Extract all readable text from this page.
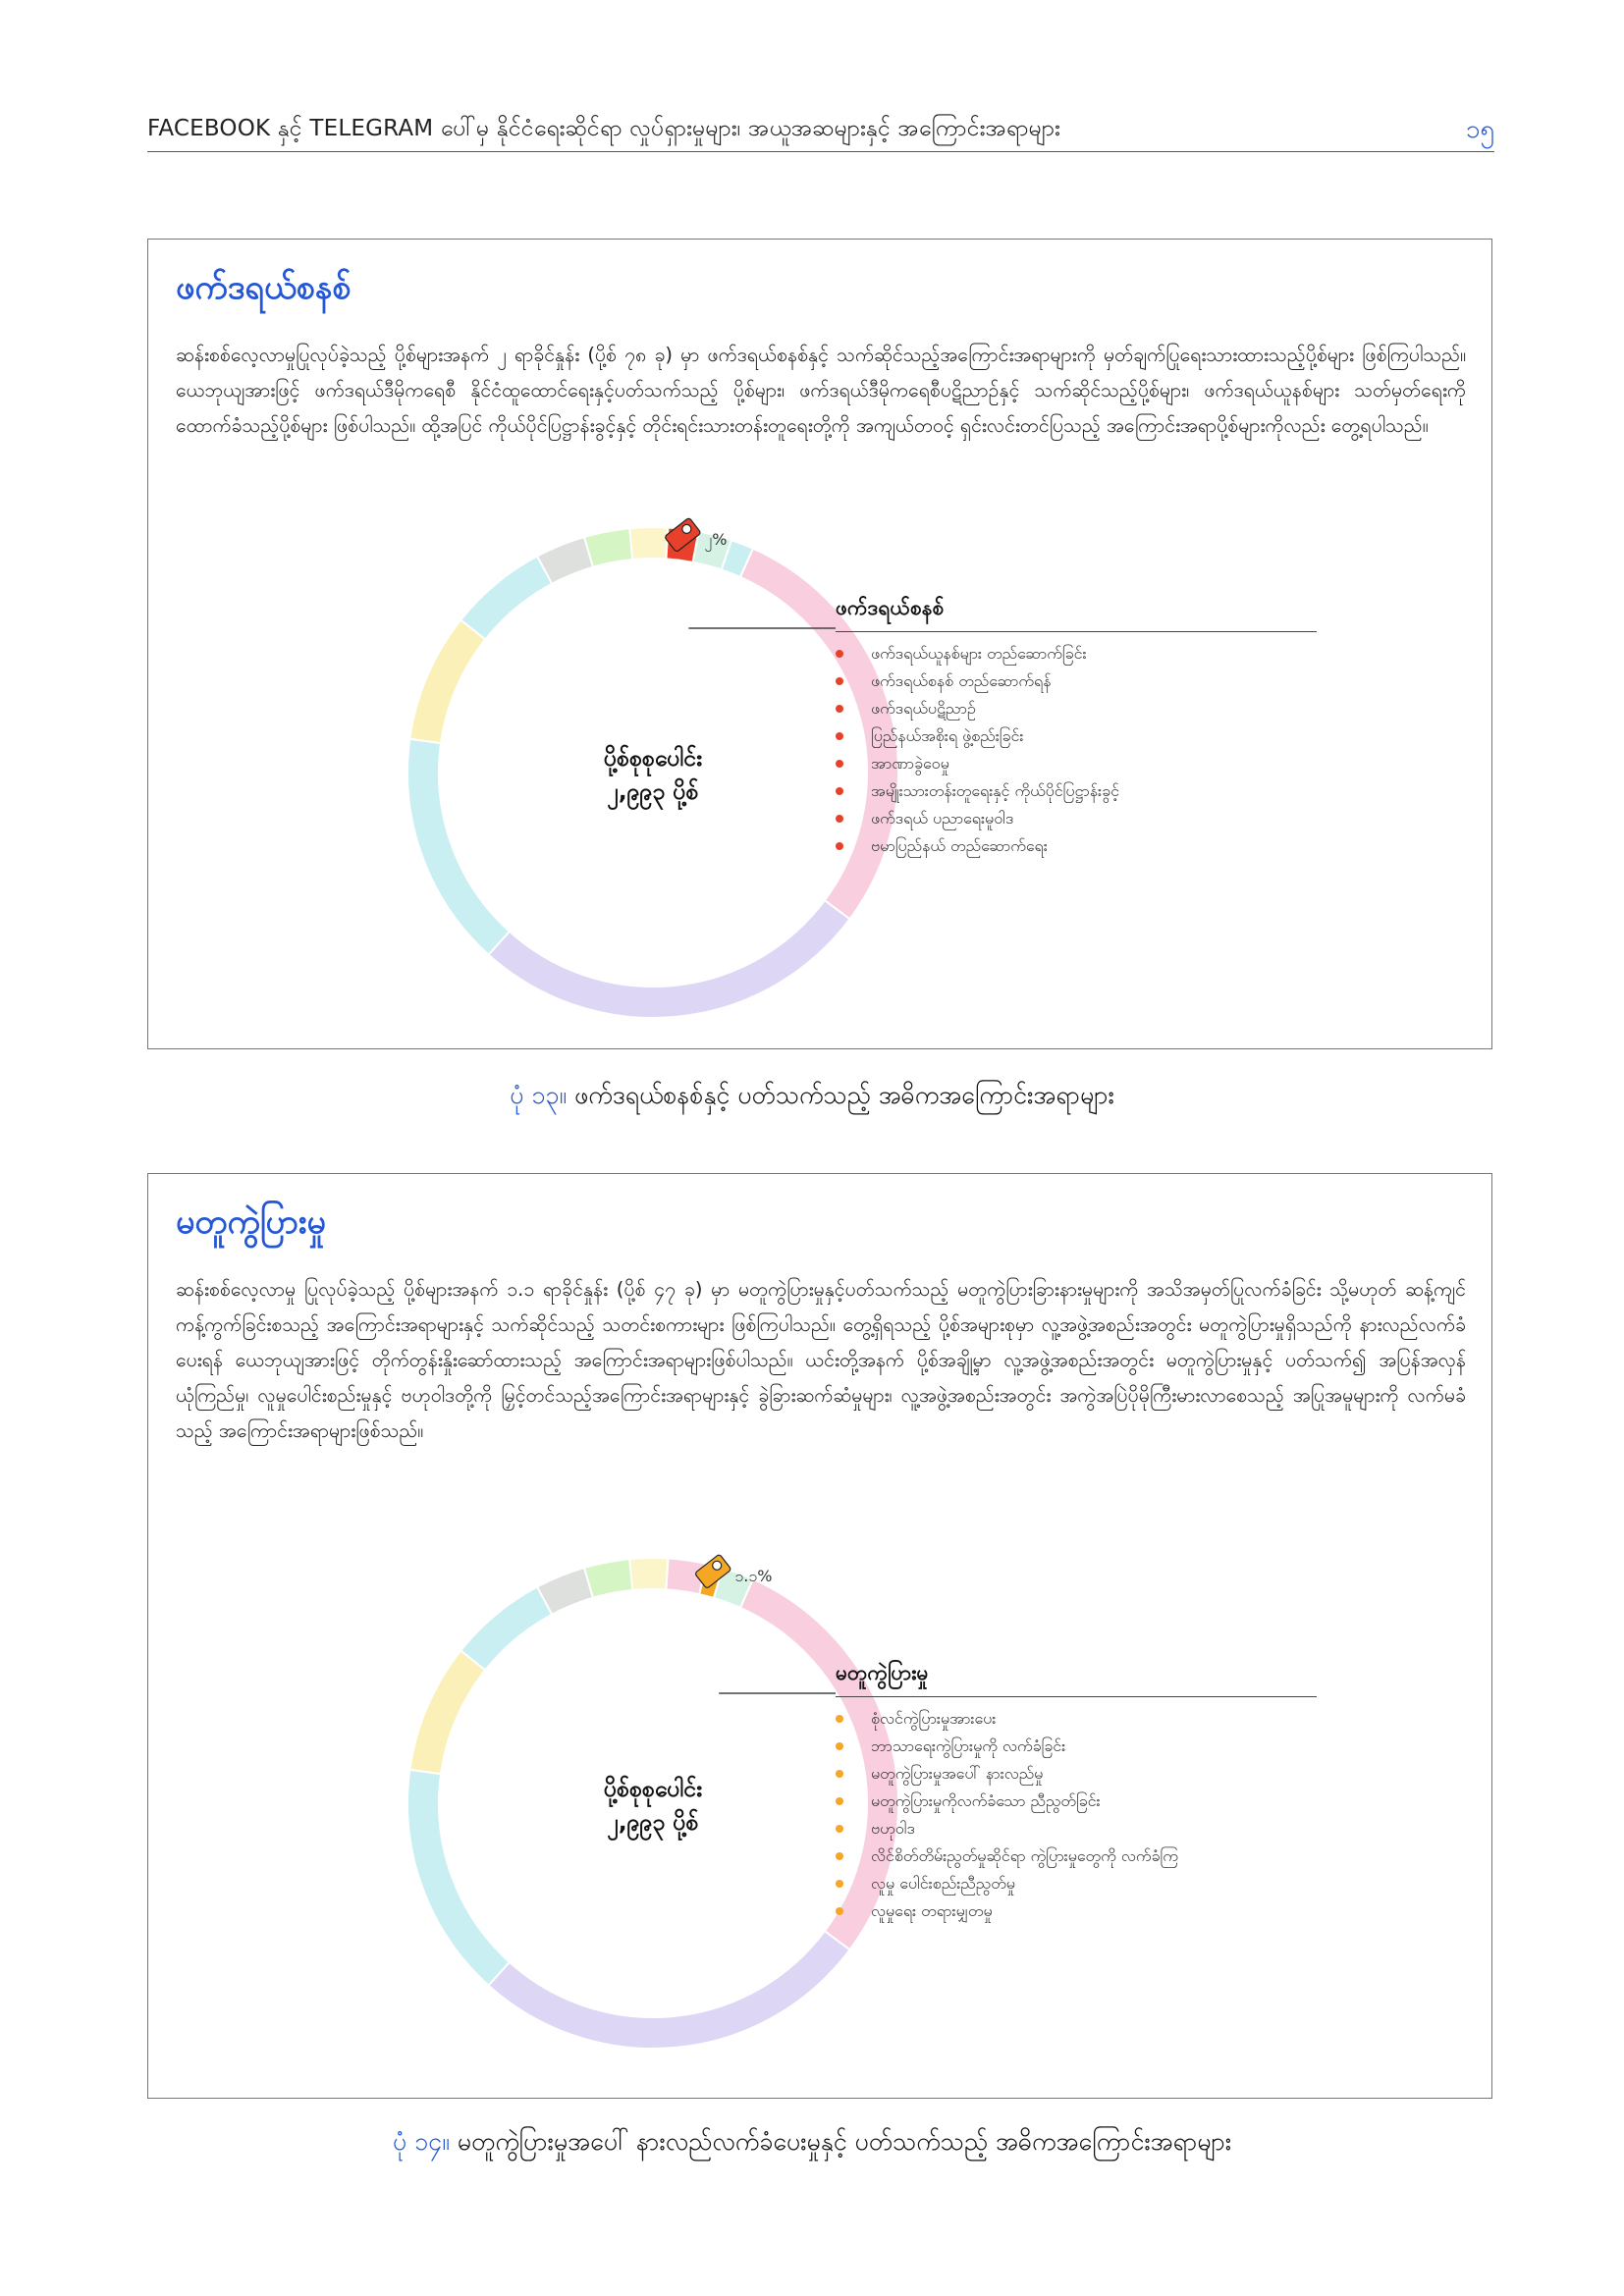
FACEBOOK နှင့် TELEGRAM ပေါ်မှ နိုင်ငံရေးဆိုင်ရာ လှုပ်ရှားမှုများ၊ အယူအဆများနှင့် အကြောင်းအရာများ	၁၅
ဖက်ဒရယ်စနစ်
ဆန်းစစ်လေ့လာမှုပြုလုပ်ခဲ့သည့် ပို့စ်များအနက် ၂ ရာခိုင်နှုန်း (ပို့စ် ၇၈ ခု) မှာ ဖက်ဒရယ်စနစ်နှင့် သက်ဆိုင်သည့်အကြောင်းအရာများကို မှတ်ချက်ပြုရေးသားထားသည့်ပို့စ်များ ဖြစ်ကြပါသည်။ ယေဘုယျအားဖြင့် ဖက်ဒရယ်ဒီမိုကရေစီ နိုင်ငံထူထောင်ရေးနှင့်ပတ်သက်သည့် ပို့စ်များ၊ ဖက်ဒရယ်ဒီမိုကရေစီပဋိညာဉ်နှင့် သက်ဆိုင်သည့်ပို့စ်များ၊ ဖက်ဒရယ်ယူနစ်များ သတ်မှတ်ရေးကို ထောက်ခံသည့်ပို့စ်များ ဖြစ်ပါသည်။ ထို့အပြင် ကိုယ်ပိုင်ပြဋ္ဌာန်းခွင့်နှင့် တိုင်းရင်းသားတန်းတူရေးတို့ကို အကျယ်တဝင့် ရှင်းလင်းတင်ပြသည့် အကြောင်းအရာပို့စ်များကိုလည်း တွေ့ရပါသည်။
၂%
ပို့စ်စုစုပေါင်း
၂,၉၉၃ ပို့စ်
ဖက်ဒရယ်စနစ်
ဖက်ဒရယ်ယူနစ်များ တည်ဆောက်ခြင်း
ဖက်ဒရယ်စနစ် တည်ဆောက်ရန်
ဖက်ဒရယ်ပဋိညာဉ်
ပြည်နယ်အစိုးရ ဖွဲ့စည်းခြင်း
အာဏာခွဲဝေမှု
အမျိုးသားတန်းတူရေးနှင့် ကိုယ်ပိုင်ပြဋ္ဌာန်းခွင့်
ဖက်ဒရယ် ပညာရေးမူဝါဒ
ဗမာပြည်နယ် တည်ဆောက်ရေး
ပုံ ၁၃။ ဖက်ဒရယ်စနစ်နှင့် ပတ်သက်သည့် အဓိကအကြောင်းအရာများ
မတူကွဲပြားမှု
ဆန်းစစ်လေ့လာမှု ပြုလုပ်ခဲ့သည့် ပို့စ်များအနက် ၁.၁ ရာခိုင်နှုန်း (ပို့စ် ၄၇ ခု) မှာ မတူကွဲပြားမှုနှင့်ပတ်သက်သည့် မတူကွဲပြားခြားနားမှုများကို အသိအမှတ်ပြုလက်ခံခြင်း သို့မဟုတ် ဆန့်ကျင်ကန့်ကွက်ခြင်းစသည့် အကြောင်းအရာများနှင့် သက်ဆိုင်သည့် သတင်းစကားများ ဖြစ်ကြပါသည်။ တွေ့ရှိရသည့် ပို့စ်အများစုမှာ လူ့အဖွဲ့အစည်းအတွင်း မတူကွဲပြားမှုရှိသည်ကို နားလည်လက်ခံပေးရန် ယေဘုယျအားဖြင့် တိုက်တွန်းနှိုးဆော်ထားသည့် အကြောင်းအရာများဖြစ်ပါသည်။ ယင်းတို့အနက် ပို့စ်အချို့မှာ လူ့အဖွဲ့အစည်းအတွင်း မတူကွဲပြားမှုနှင့် ပတ်သက်၍ အပြန်အလှန် ယုံကြည်မှု၊ လူမှုပေါင်းစည်းမှုနှင့် ဗဟုဝါဒတို့ကို မြှင့်တင်သည့်အကြောင်းအရာများနှင့် ခွဲခြားဆက်ဆံမှုများ၊ လူ့အဖွဲ့အစည်းအတွင်း အကွဲအပြဲပိုမိုကြီးမားလာစေသည့် အပြုအမူများကို လက်မခံသည့် အကြောင်းအရာများဖြစ်သည်။
၁.၁%
ပို့စ်စုစုပေါင်း
၂,၉၉၃ ပို့စ်
မတူကွဲပြားမှု
စုံလင်ကွဲပြားမှုအားပေး
ဘာသာရေးကွဲပြားမှုကို လက်ခံခြင်း
မတူကွဲပြားမှုအပေါ် နားလည်မှု
မတူကွဲပြားမှုကိုလက်ခံသော ညီညွတ်ခြင်း
ဗဟုဝါဒ
လိင်စိတ်တိမ်းညွတ်မှုဆိုင်ရာ ကွဲပြားမှုတွေကို လက်ခံကြ
လူမှု ပေါင်းစည်းညီညွတ်မှု
လူမှုရေး တရားမျှတမှု
ပုံ ၁၄။ မတူကွဲပြားမှုအပေါ် နားလည်လက်ခံပေးမှုနှင့် ပတ်သက်သည့် အဓိကအကြောင်းအရာများ
